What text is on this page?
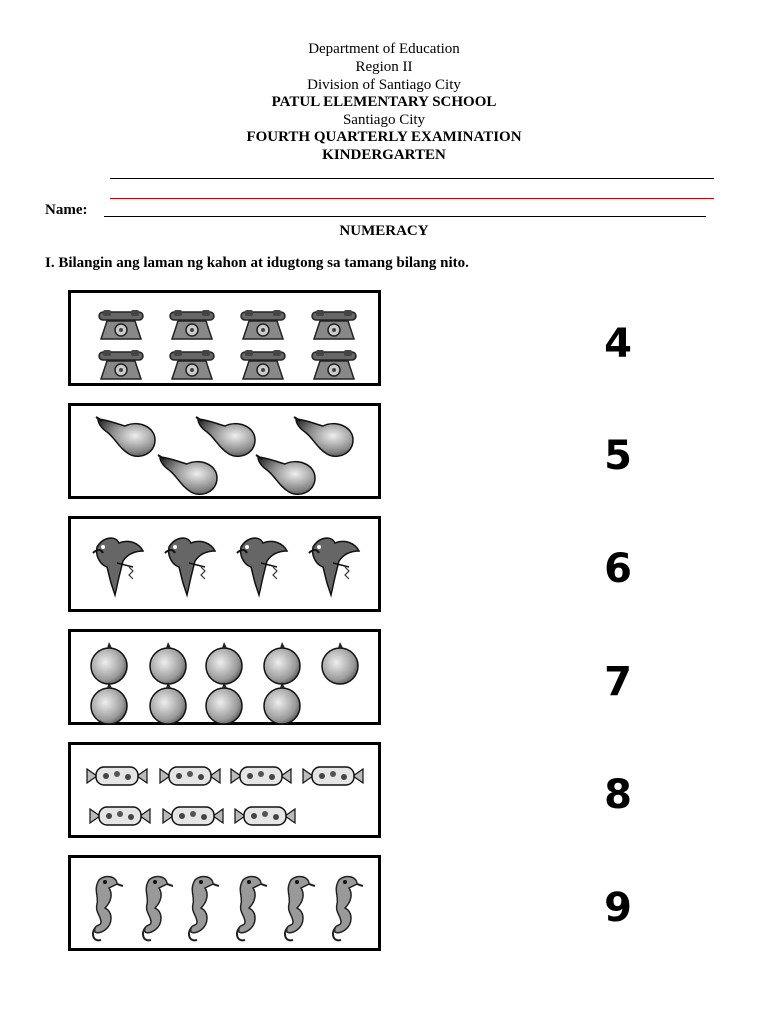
Department of Education
Region II
Division of Santiago City
PATUL ELEMENTARY SCHOOL
Santiago City
FOURTH QUARTERLY EXAMINATION
KINDERGARTEN
Name:
NUMERACY
I. Bilangin ang laman ng kahon at idugtong sa tamang bilang nito.
4
5
6
7
8
9
